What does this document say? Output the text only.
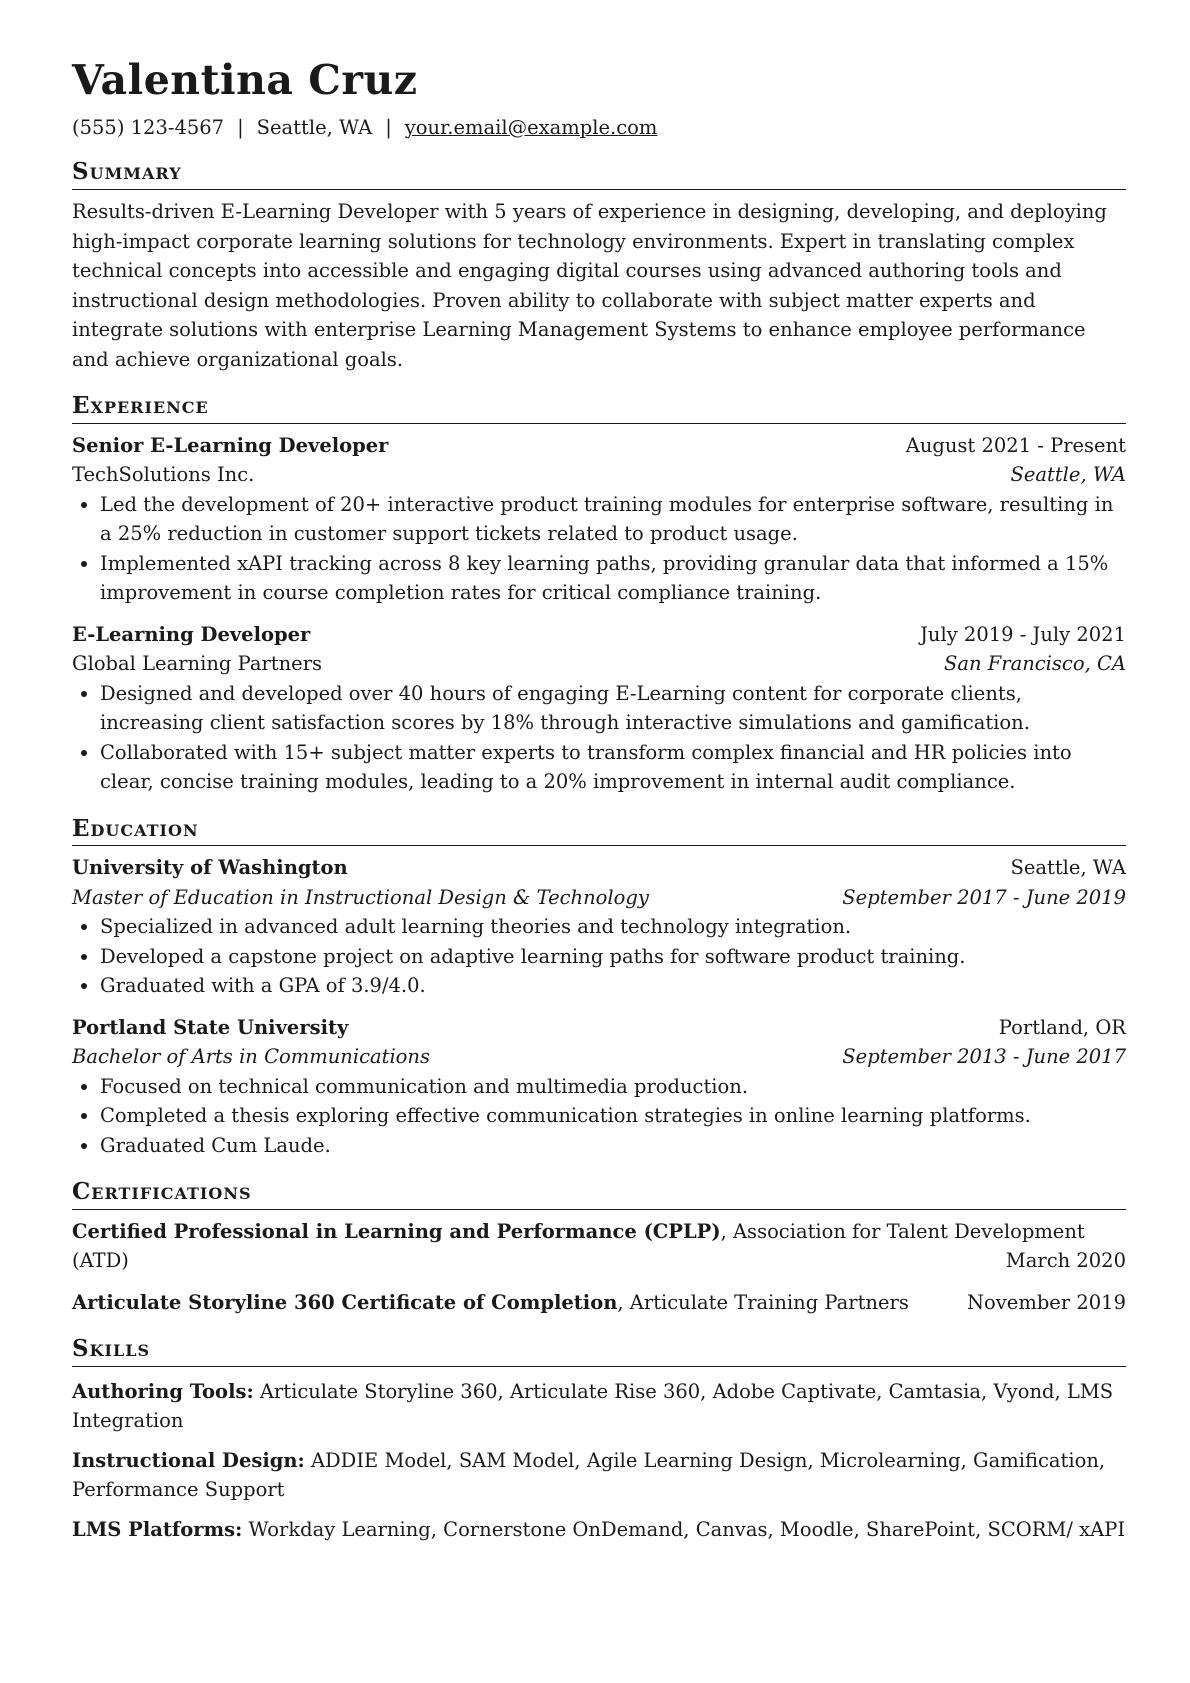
Valentina Cruz
(555) 123-4567 | Seattle, WA | your.email@example.com
Summary
Results-driven E-Learning Developer with 5 years of experience in designing, developing, and deploying high-impact corporate learning solutions for technology environments. Expert in translating complex technical concepts into accessible and engaging digital courses using advanced authoring tools and instructional design methodologies. Proven ability to collaborate with subject matter experts and integrate solutions with enterprise Learning Management Systems to enhance employee performance and achieve organizational goals.
Experience
Senior E-Learning Developer	August 2021 - Present
TechSolutions Inc.	Seattle, WA
• Led the development of 20+ interactive product training modules for enterprise software, resulting in a 25% reduction in customer support tickets related to product usage.
• Implemented xAPI tracking across 8 key learning paths, providing granular data that informed a 15% improvement in course completion rates for critical compliance training.
E-Learning Developer	July 2019 - July 2021
Global Learning Partners	San Francisco, CA
• Designed and developed over 40 hours of engaging E-Learning content for corporate clients, increasing client satisfaction scores by 18% through interactive simulations and gamification.
• Collaborated with 15+ subject matter experts to transform complex financial and HR policies into clear, concise training modules, leading to a 20% improvement in internal audit compliance.
Education
University of Washington	Seattle, WA
Master of Education in Instructional Design & Technology	September 2017 - June 2019
• Specialized in advanced adult learning theories and technology integration.
• Developed a capstone project on adaptive learning paths for software product training.
• Graduated with a GPA of 3.9/4.0.
Portland State University	Portland, OR
Bachelor of Arts in Communications	September 2013 - June 2017
• Focused on technical communication and multimedia production.
• Completed a thesis exploring effective communication strategies in online learning platforms.
• Graduated Cum Laude.
Certifications
Certified Professional in Learning and Performance (CPLP), Association for Talent Development
(ATD)	March 2020
Articulate Storyline 360 Certificate of Completion, Articulate Training Partners	November 2019
Skills
Authoring Tools: Articulate Storyline 360, Articulate Rise 360, Adobe Captivate, Camtasia, Vyond, LMS Integration
Instructional Design: ADDIE Model, SAM Model, Agile Learning Design, Microlearning, Gamification, Performance Support
LMS Platforms: Workday Learning, Cornerstone OnDemand, Canvas, Moodle, SharePoint, SCORM/ xAPI
